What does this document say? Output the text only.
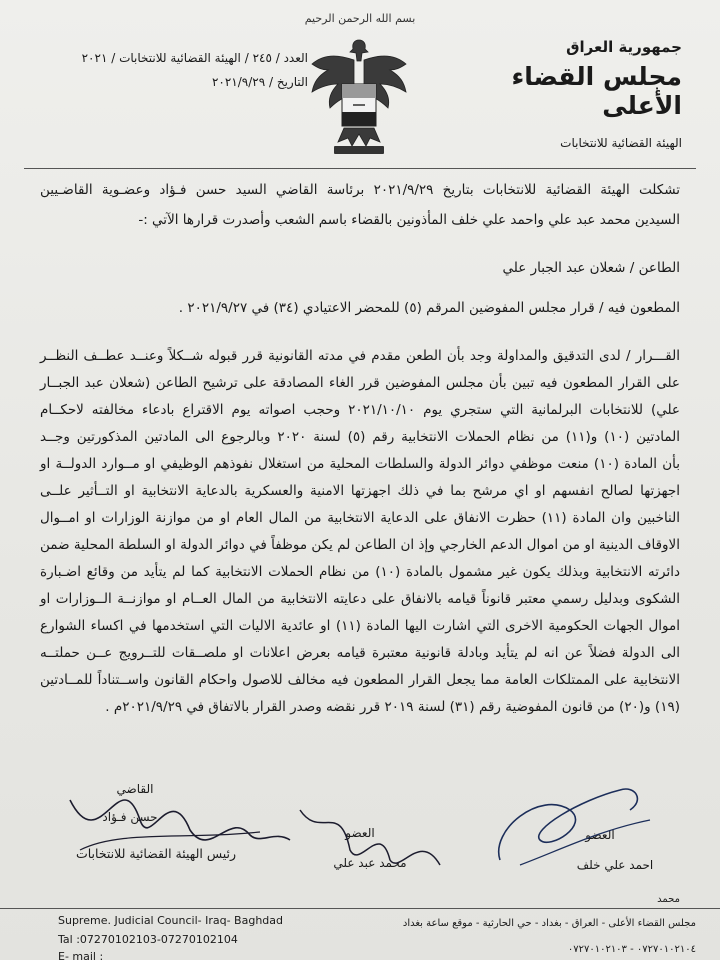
بسم الله الرحمن الرحيم
جمهورية العراق
مجلس القضاء الأعلى
الهيئة القضائية للانتخابات
العدد / ٢٤٥ / الهيئة القضائية للانتخابات / ٢٠٢١
التاريخ / ٢٠٢١/٩/٢٩
تشكلت الهيئة القضائية للانتخابات بتاريخ ٢٠٢١/٩/٢٩ برئاسة القاضي السيد حسن فـؤاد وعضـوية القاضـيين
السيدين محمد عبد علي واحمد علي خلف المأذونين بالقضاء باسم الشعب وأصدرت قرارها الآتي :-
الطاعن / شعلان عبد الجبار علي
المطعون فيه / قرار مجلس المفوضين المرقم (٥) للمحضر الاعتيادي (٣٤) في ٢٠٢١/٩/٢٧ .
القـــرار / لدى التدقيق والمداولة وجد بأن الطعن مقدم في مدته القانونية قرر قبوله شــكلاً وعنــد عطــف النظــر
على القرار المطعون فيه تبين بأن مجلس المفوضين قرر الغاء المصادقة على ترشيح الطاعن (شعلان عبد الجبــار
علي) للانتخابات البرلمانية التي ستجري يوم ٢٠٢١/١٠/١٠ وحجب اصواته يوم الاقتراع بادعاء مخالفته لاحكــام
المادتين (١٠) و(١١) من نظام الحملات الانتخابية رقم (٥) لسنة ٢٠٢٠ وبالرجوع الى المادتين المذكورتين وجــد
بأن المادة (١٠) منعت موظفي دوائر الدولة والسلطات المحلية من استغلال نفوذهم الوظيفي او مــوارد الدولــة او
اجهزتها لصالح انفسهم او اي مرشح بما في ذلك اجهزتها الامنية والعسكرية بالدعاية الانتخابية او التــأثير علــى
الناخبين وان المادة (١١) حظرت الانفاق على الدعاية الانتخابية من المال العام او من موازنة الوزارات او امــوال
الاوقاف الدينية او من اموال الدعم الخارجي وإذ ان الطاعن لم يكن موظفاً في دوائر الدولة او السلطة المحلية ضمن
دائرته الانتخابية وبذلك يكون غير مشمول بالمادة (١٠) من نظام الحملات الانتخابية كما لم يتأيد من وقائع اضـبارة
الشكوى وبدليل رسمي معتبر قانوناً قيامه بالانفاق على دعايته الانتخابية من المال العــام او موازنــة الــوزارات او
اموال الجهات الحكومية الاخرى التي اشارت اليها المادة (١١) او عائدية الاليات التي استخدمها في اكساء الشوارع
الى الدولة فضلاً عن انه لم يتأيد وبادلة قانونية معتبرة قيامه بعرض اعلانات او ملصــقات للتــرويج عــن حملتــه
الانتخابية على الممتلكات العامة مما يجعل القرار المطعون فيه مخالف للاصول واحكام القانون واســتناداً للمــادتين
(١٩) و(٢٠) من قانون المفوضية رقم (٣١) لسنة ٢٠١٩ قرر نقضه وصدر القرار بالاتفاق في ٢٠٢١/٩/٢٩م .
القاضي
حسن فـؤاد
رئيس الهيئة القضائية للانتخابات
العضو
محمد عبد علي
العضو
احمد علي خلف
محمد
Supreme. Judicial Council- Iraq- Baghdad
Tal :07270102103-07270102104
E- mail :
مجلس القضاء الأعلى - العراق - بغداد - حي الحارثية - موقع ساعة بغداد
٠٧٢٧٠١٠٢١٠٤ - ٠٧٢٧٠١٠٢١٠٣
